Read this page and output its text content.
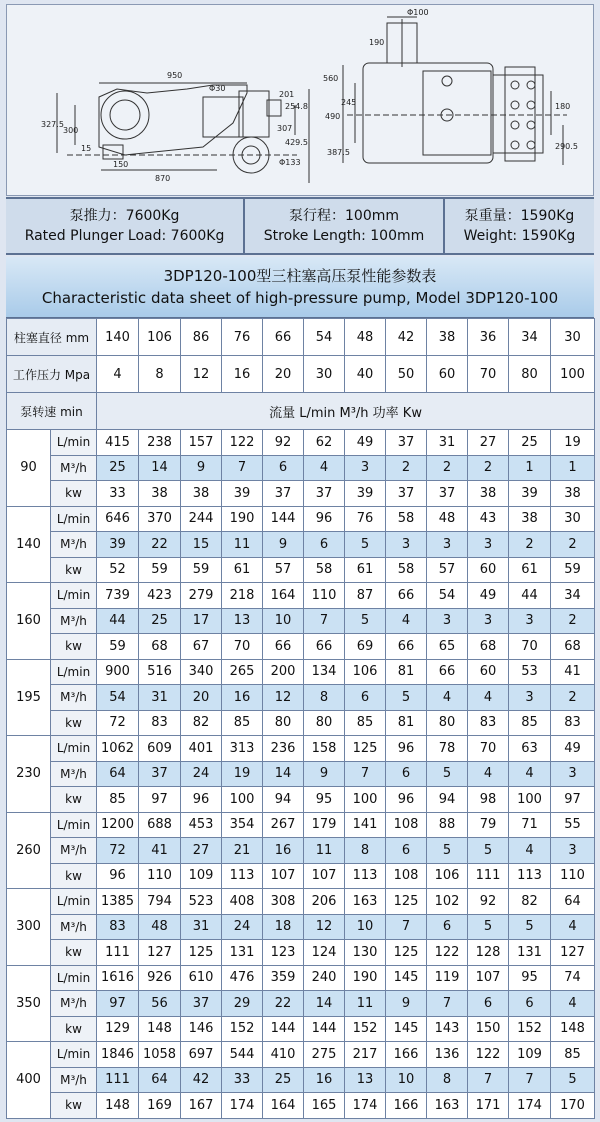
950
Φ30
327.5
300
15
150
870
201
254.8
307
429.5
Φ133
Φ100
190
560
490
245
387.5
180
290.5
泵推力：7600Kg
Rated Plunger Load: 7600Kg
泵行程：100mm
Stroke Length: 100mm
泵重量：1590Kg
Weight: 1590Kg
3DP120-100型三柱塞高压泵性能参数表
Characteristic data sheet of high-pressure pump, Model 3DP120-100
柱塞直径 mm		140	106	86	76	66	54	48	42	38	36	34	30
工作压力 Mpa		4	8	12	16	20	30	40	50	60	70	80	100
泵转速 min		流量 L/min M³/h 功率 Kw											
90	L/min	415	238	157	122	92	62	49	37	31	27	25	19
	M³/h	25	14	9	7	6	4	3	2	2	2	1	1
	kw	33	38	38	39	37	37	39	37	37	38	39	38
140	L/min	646	370	244	190	144	96	76	58	48	43	38	30
	M³/h	39	22	15	11	9	6	5	3	3	3	2	2
	kw	52	59	59	61	57	58	61	58	57	60	61	59
160	L/min	739	423	279	218	164	110	87	66	54	49	44	34
	M³/h	44	25	17	13	10	7	5	4	3	3	3	2
	kw	59	68	67	70	66	66	69	66	65	68	70	68
195	L/min	900	516	340	265	200	134	106	81	66	60	53	41
	M³/h	54	31	20	16	12	8	6	5	4	4	3	2
	kw	72	83	82	85	80	80	85	81	80	83	85	83
230	L/min	1062	609	401	313	236	158	125	96	78	70	63	49
	M³/h	64	37	24	19	14	9	7	6	5	4	4	3
	kw	85	97	96	100	94	95	100	96	94	98	100	97
260	L/min	1200	688	453	354	267	179	141	108	88	79	71	55
	M³/h	72	41	27	21	16	11	8	6	5	5	4	3
	kw	96	110	109	113	107	107	113	108	106	111	113	110
300	L/min	1385	794	523	408	308	206	163	125	102	92	82	64
	M³/h	83	48	31	24	18	12	10	7	6	5	5	4
	kw	111	127	125	131	123	124	130	125	122	128	131	127
350	L/min	1616	926	610	476	359	240	190	145	119	107	95	74
	M³/h	97	56	37	29	22	14	11	9	7	6	6	4
	kw	129	148	146	152	144	144	152	145	143	150	152	148
400	L/min	1846	1058	697	544	410	275	217	166	136	122	109	85
	M³/h	111	64	42	33	25	16	13	10	8	7	7	5
	kw	148	169	167	174	164	165	174	166	163	171	174	170
